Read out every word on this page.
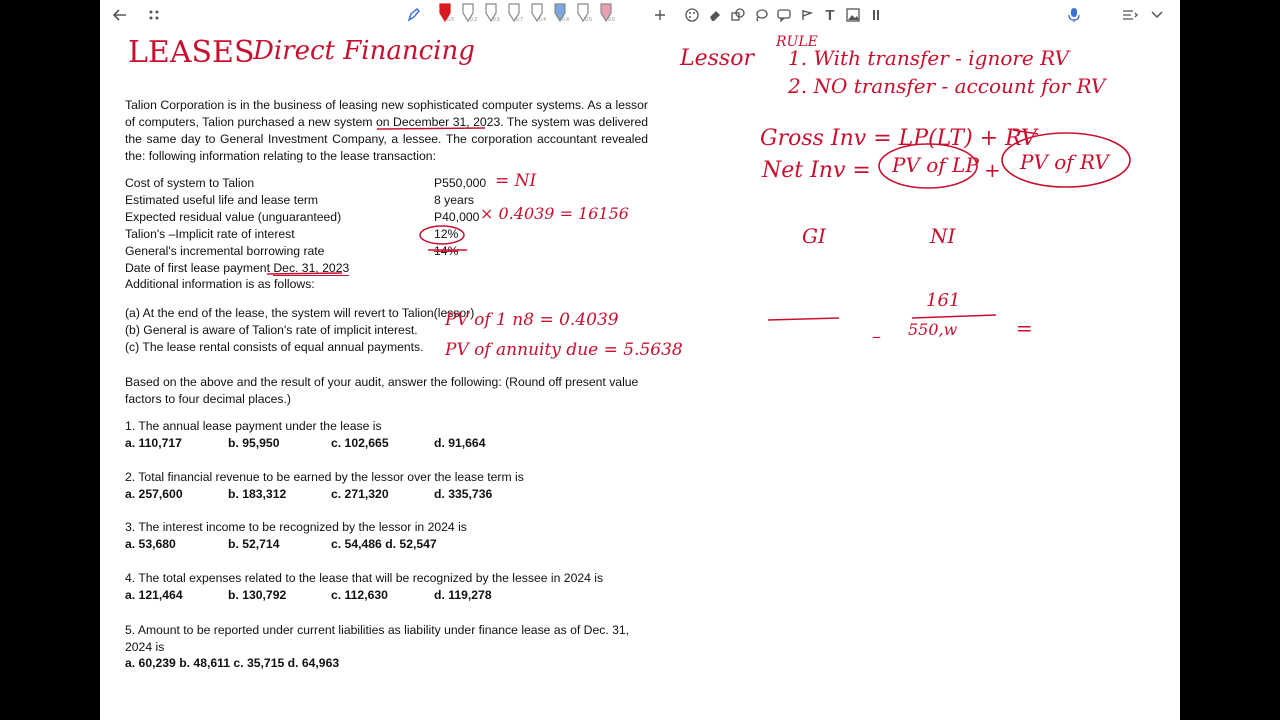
0.5	0.2	0.5	0.7	0.4	0.4	0.5	0.5	T
Talion Corporation is in the business of leasing new sophisticated computer systems. As a lessor of computers, Talion purchased a new system on December 31, 2023. The system was delivered the same day to General Investment Company, a lessee. The corporation accountant revealed the: following information relating to the lease transaction:
Cost of system to Talion	P550,000
Estimated useful life and lease term	8 years
Expected residual value (unguaranteed)	P40,000
Talion's –Implicit rate of interest	12%
General's incremental borrowing rate	14%
Date of first lease payment Dec. 31, 2023
Additional information is as follows:
(a) At the end of the lease, the system will revert to Talion(lessor)
(b) General is aware of Talion's rate of implicit interest.
(c) The lease rental consists of equal annual payments.
Based on the above and the result of your audit, answer the following: (Round off present value factors to four decimal places.)
1. The annual lease payment under the lease is
a. 110,717	b. 95,950	c. 102,665	d. 91,664
2. Total financial revenue to be earned by the lessor over the lease term is
a. 257,600	b. 183,312	c. 271,320	d. 335,736
3. The interest income to be recognized by the lessor in 2024 is
a. 53,680	b. 52,714	c. 54,486 d. 52,547
4. The total expenses related to the lease that will be recognized by the lessee in 2024 is
a. 121,464	b. 130,792	c. 112,630	d. 119,278
5. Amount to be reported under current liabilities as liability under finance lease as of Dec. 31, 2024 is
a. 60,239 b. 48,611 c. 35,715 d. 64,963
LEASES
Direct Financing	Lessor
RULE
1. With transfer - ignore RV
2. NO transfer - account for RV
Gross Inv = LP(LT) + RV
Net Inv = PV of LP + PV of RV
= NI
× 0.4039 = 16156
PV of 1 n8 = 0.4039
PV of annuity due = 5.5638
GI	NI
161
550,w	=
–
